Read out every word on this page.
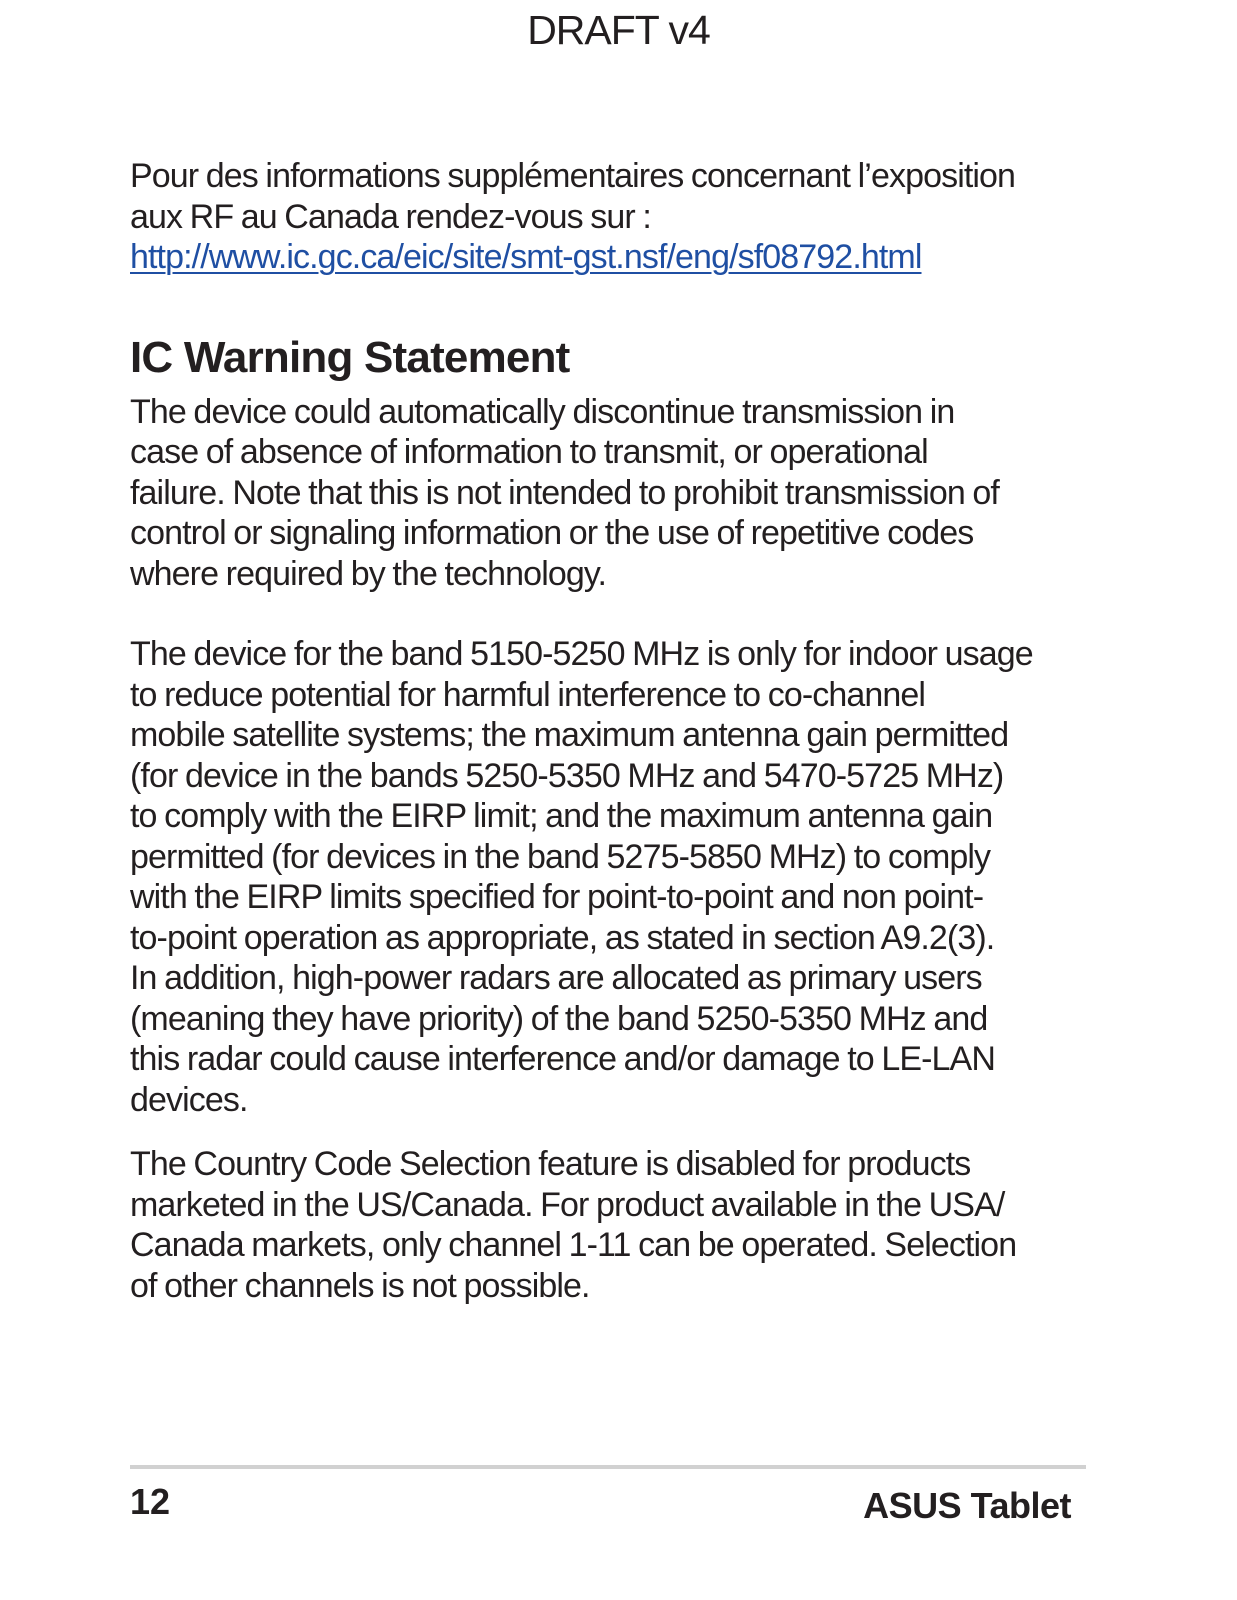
DRAFT v4

Pour des informations supplémentaires concernant l’exposition
aux RF au Canada rendez-vous sur :

http://www.ic.gc.ca/eic/site/smt-gst.nsf/eng/sf08792.html
IC Warning Statement

The device could automatically discontinue transmission in
case of absence of information to transmit, or operational
failure. Note that this is not intended to prohibit transmission of
control or signaling information or the use of repetitive codes
where required by the technology.

The device for the band 5150-5250 MHz is only for indoor usage
to reduce potential for harmful interference to co-channel
mobile satellite systems; the maximum antenna gain permitted
(for device in the bands 5250-5350 MHz and 5470-5725 MHz)
to comply with the EIRP limit; and the maximum antenna gain
permitted (for devices in the band 5275-5850 MHz) to comply
with the EIRP limits specified for point-to-point and non point-
to-point operation as appropriate, as stated in section A9.2(3).
In addition, high-power radars are allocated as primary users
(meaning they have priority) of the band 5250-5350 MHz and
this radar could cause interference and/or damage to LE-LAN
devices.

The Country Code Selection feature is disabled for products
marketed in the US/Canada. For product available in the USA/
Canada markets, only channel 1-11 can be operated. Selection
of other channels is not possible.

12	ASUS Tablet
